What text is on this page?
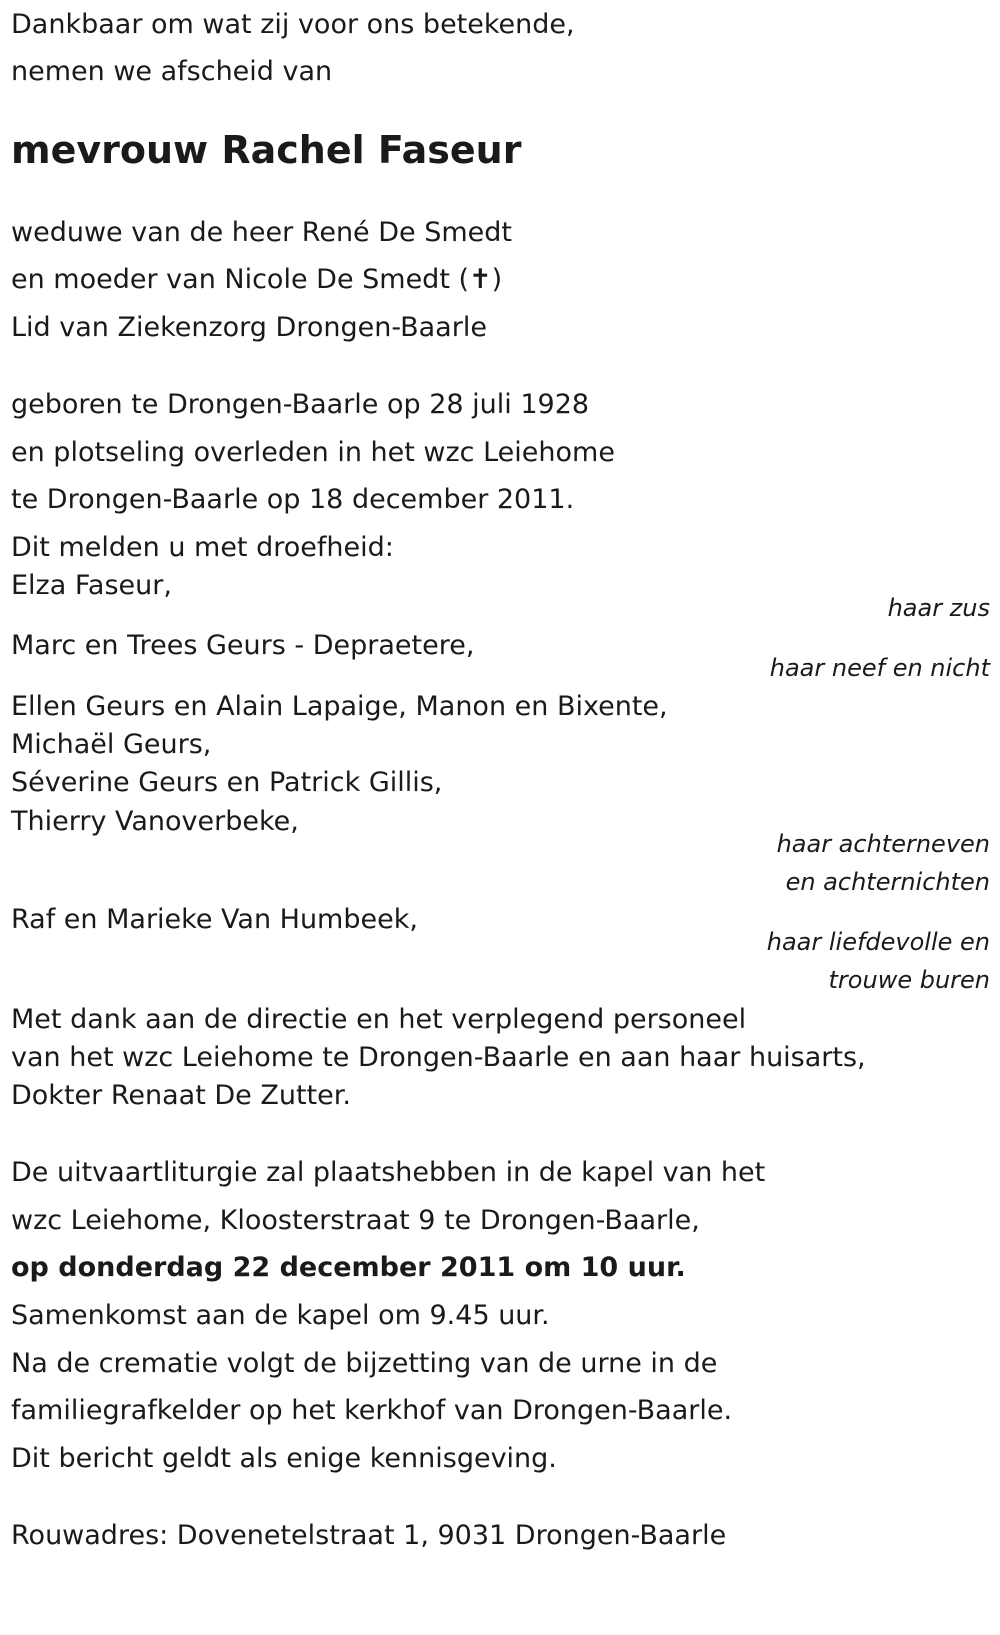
Dankbaar om wat zij voor ons betekende,
nemen we afscheid van
mevrouw Rachel Faseur
weduwe van de heer René De Smedt
en moeder van Nicole De Smedt (✝)
Lid van Ziekenzorg Drongen-Baarle
geboren te Drongen-Baarle op 28 juli 1928
en plotseling overleden in het wzc Leiehome
te Drongen-Baarle op 18 december 2011.
Dit melden u met droefheid:
Elza Faseur,
haar zus
Marc en Trees Geurs - Depraetere,
haar neef en nicht
Ellen Geurs en Alain Lapaige, Manon en Bixente,
Michaël Geurs,
Séverine Geurs en Patrick Gillis,
Thierry Vanoverbeke,
haar achterneven
en achternichten
Raf en Marieke Van Humbeek,
haar liefdevolle en
trouwe buren
Met dank aan de directie en het verplegend personeel
van het wzc Leiehome te Drongen-Baarle en aan haar huisarts,
Dokter Renaat De Zutter.
De uitvaartliturgie zal plaatshebben in de kapel van het
wzc Leiehome, Kloosterstraat 9 te Drongen-Baarle,
op donderdag 22 december 2011 om 10 uur.
Samenkomst aan de kapel om 9.45 uur.
Na de crematie volgt de bijzetting van de urne in de
familiegrafkelder op het kerkhof van Drongen-Baarle.
Dit bericht geldt als enige kennisgeving.
Rouwadres: Dovenetelstraat 1, 9031 Drongen-Baarle
